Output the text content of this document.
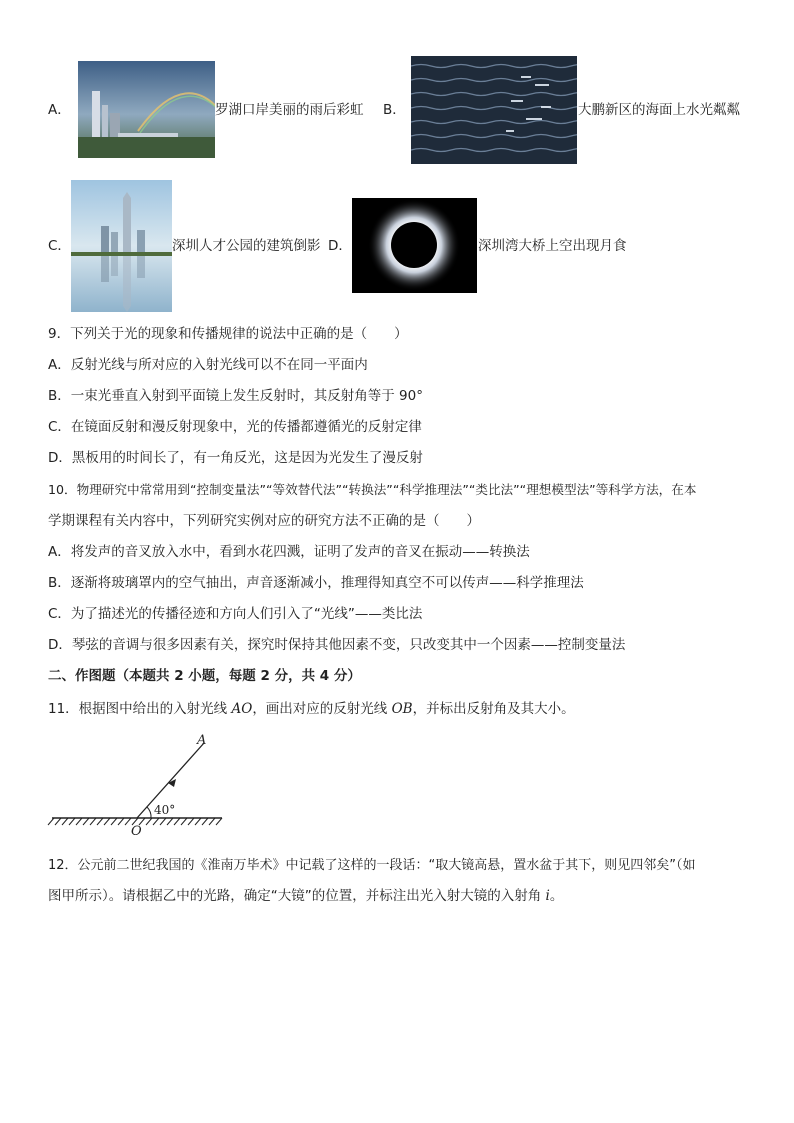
A．	罗湖口岸美丽的雨后彩虹 B．	大鹏新区的海面上水光粼粼
C．	深圳人才公园的建筑倒影 D．	深圳湾大桥上空出现月食
9．下列关于光的现象和传播规律的说法中正确的是（　　）
A．反射光线与所对应的入射光线可以不在同一平面内
B．一束光垂直入射到平面镜上发生反射时，其反射角等于 90°
C．在镜面反射和漫反射现象中，光的传播都遵循光的反射定律
D．黑板用的时间长了，有一角反光，这是因为光发生了漫反射
10．物理研究中常常用到“控制变量法”“等效替代法”“转换法”“科学推理法”“类比法”“理想模型法”等科学方法，在本
学期课程有关内容中，下列研究实例对应的研究方法不正确的是（　　）
A．将发声的音叉放入水中，看到水花四溅，证明了发声的音叉在振动——转换法
B．逐渐将玻璃罩内的空气抽出，声音逐渐减小，推理得知真空不可以传声——科学推理法
C．为了描述光的传播径迹和方向人们引入了“光线”——类比法
D．琴弦的音调与很多因素有关，探究时保持其他因素不变，只改变其中一个因素——控制变量法
二、作图题（本题共 2 小题，每题 2 分，共 4 分）
11．根据图中给出的入射光线 AO，画出对应的反射光线 OB，并标出反射角及其大小。
A
O
40°
12．公元前二世纪我国的《淮南万毕术》中记载了这样的一段话：“取大镜高悬，置水盆于其下，则见四邻矣”（如
图甲所示）。请根据乙中的光路，确定“大镜”的位置，并标注出光入射大镜的入射角 i。
